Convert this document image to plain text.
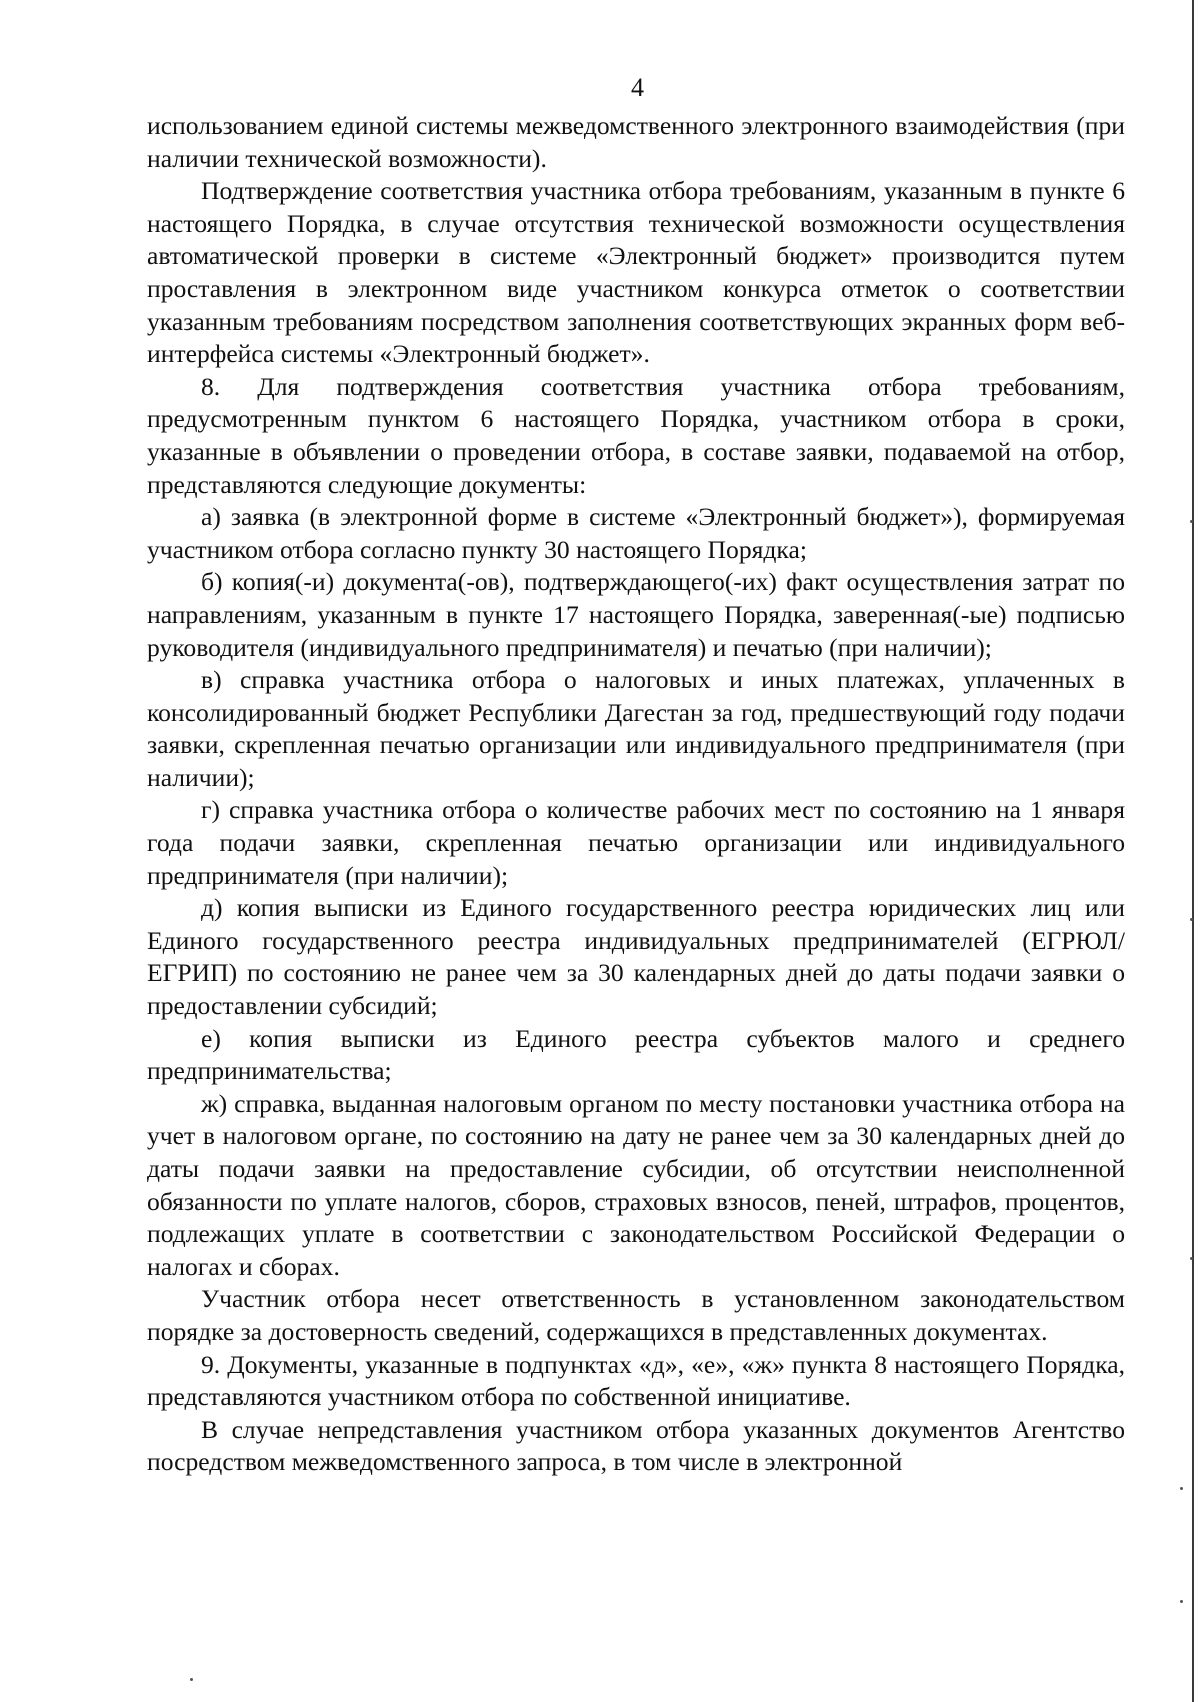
4

использованием единой системы межведомственного электронного взаимодействия (при наличии технической возможности).

Подтверждение соответствия участника отбора требованиям, указанным в пункте 6 настоящего Порядка, в случае отсутствия технической возможности осуществления автоматической проверки в системе «Электронный бюджет» производится путем проставления в электронном виде участником конкурса отметок о соответствии указанным требованиям посредством заполнения соответствующих экранных форм веб-интерфейса системы «Электронный бюджет».

8. Для подтверждения соответствия участника отбора требованиям, предусмотренным пунктом 6 настоящего Порядка, участником отбора в сроки, указанные в объявлении о проведении отбора, в составе заявки, подаваемой на отбор, представляются следующие документы:

а) заявка (в электронной форме в системе «Электронный бюджет»), формируемая участником отбора согласно пункту 30 настоящего Порядка;

б) копия(-и) документа(-ов), подтверждающего(-их) факт осуществления затрат по направлениям, указанным в пункте 17 настоящего Порядка, заверенная(-ые) подписью руководителя (индивидуального предпринимателя) и печатью (при наличии);

в) справка участника отбора о налоговых и иных платежах, уплаченных в консолидированный бюджет Республики Дагестан за год, предшествующий году подачи заявки, скрепленная печатью организации или индивидуального предпринимателя (при наличии);

г) справка участника отбора о количестве рабочих мест по состоянию на 1 января года подачи заявки, скрепленная печатью организации или индивидуального предпринимателя (при наличии);

д) копия выписки из Единого государственного реестра юридических лиц или Единого государственного реестра индивидуальных предпринимателей (ЕГРЮЛ/ЕГРИП) по состоянию не ранее чем за 30 календарных дней до даты подачи заявки о предоставлении субсидий;

е) копия выписки из Единого реестра субъектов малого и среднего предпринимательства;

ж) справка, выданная налоговым органом по месту постановки участника отбора на учет в налоговом органе, по состоянию на дату не ранее чем за 30 календарных дней до даты подачи заявки на предоставление субсидии, об отсутствии неисполненной обязанности по уплате налогов, сборов, страховых взносов, пеней, штрафов, процентов, подлежащих уплате в соответствии с законодательством Российской Федерации о налогах и сборах.

Участник отбора несет ответственность в установленном законодательством порядке за достоверность сведений, содержащихся в представленных документах.

9. Документы, указанные в подпунктах «д», «е», «ж» пункта 8 настоящего Порядка, представляются участником отбора по собственной инициативе.

В случае непредставления участником отбора указанных документов Агентство посредством межведомственного запроса, в том числе в электронной
